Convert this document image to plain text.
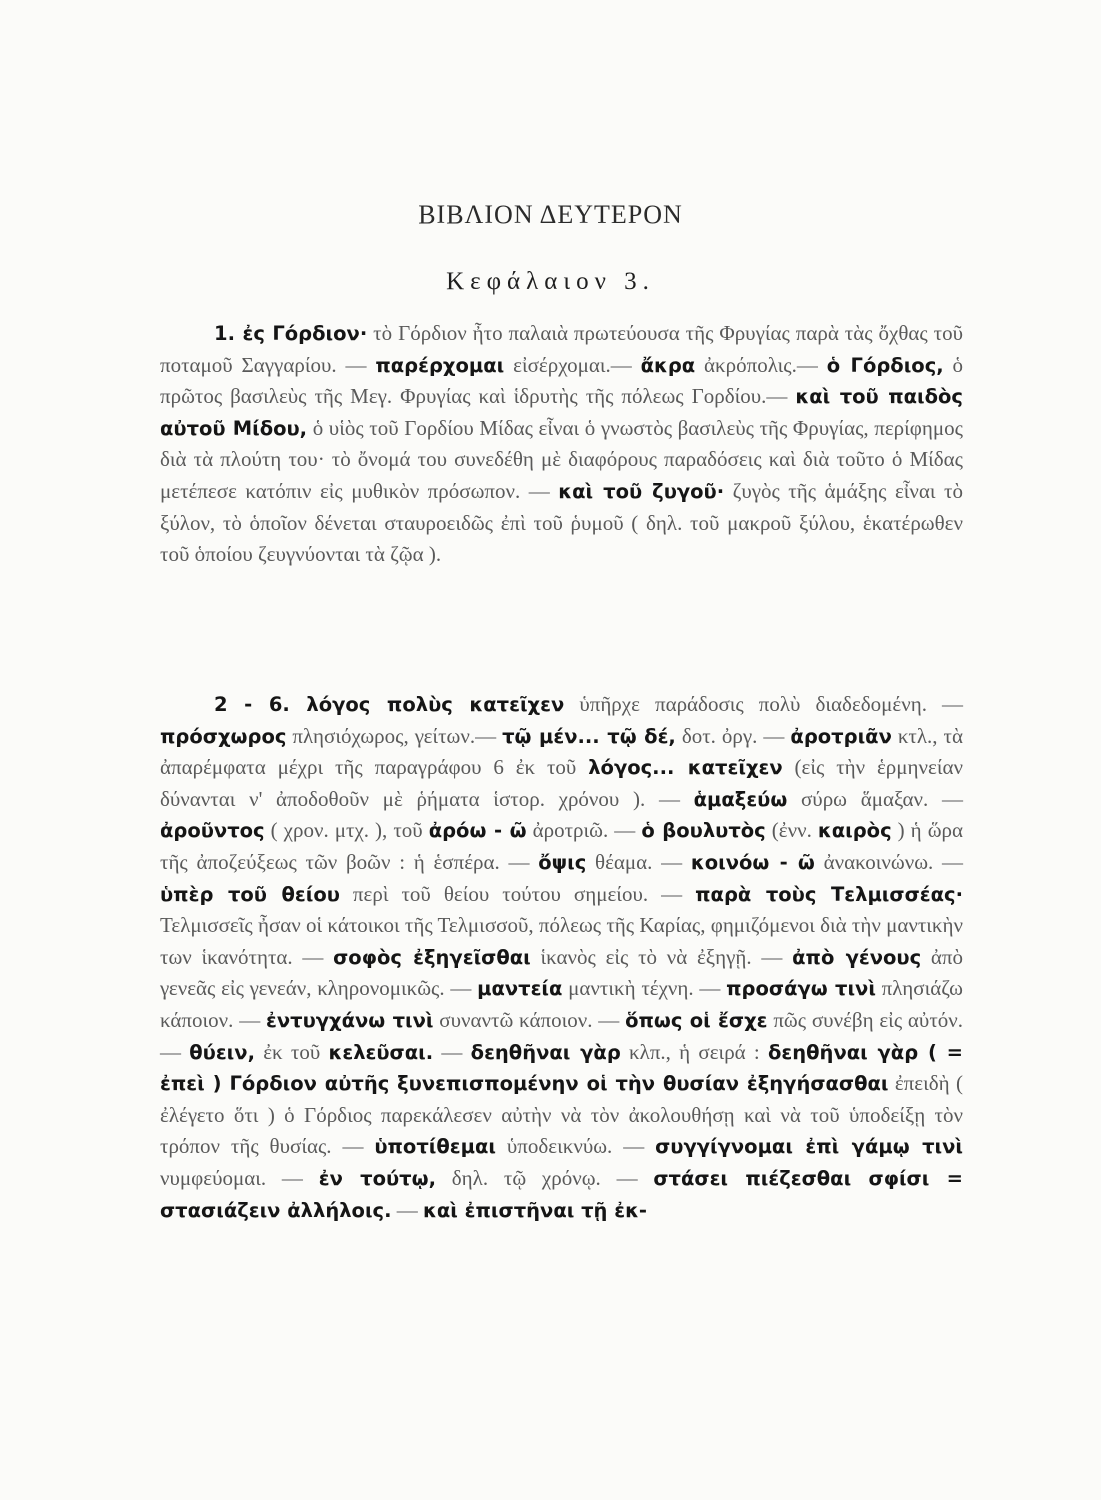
ΒΙΒΛΙΟΝ ΔΕΥΤΕΡΟΝ
Κεφάλαιον 3.

1. ἐς Γόρδιον· τὸ Γόρδιον ἦτο παλαιὰ πρωτεύουσα τῆς Φρυγίας παρὰ τὰς ὄχθας τοῦ ποταμοῦ Σαγγαρίου. — παρέρχομαι εἰσέρχομαι.— ἄκρα ἀκρόπολις.— ὁ Γόρδιος, ὁ πρῶτος βασιλεὺς τῆς Μεγ. Φρυγίας καὶ ἱδρυτὴς τῆς πόλεως Γορδίου.— καὶ τοῦ παιδὸς αὐτοῦ Μίδου, ὁ υἱὸς τοῦ Γορδίου Μίδας εἶναι ὁ γνωστὸς βασιλεὺς τῆς Φρυγίας, περίφημος διὰ τὰ πλούτη του· τὸ ὄνομά του συνεδέθη μὲ διαφόρους παραδόσεις καὶ διὰ τοῦτο ὁ Μίδας μετέπεσε κατόπιν εἰς μυθικὸν πρόσωπον. — καὶ τοῦ ζυγοῦ· ζυγὸς τῆς ἁμάξης εἶναι τὸ ξύλον, τὸ ὁποῖον δένεται σταυροειδῶς ἐπὶ τοῦ ῥυμοῦ ( δηλ. τοῦ μακροῦ ξύλου, ἑκατέρωθεν τοῦ ὁποίου ζευγνύονται τὰ ζῷα ).

2 - 6. λόγος πολὺς κατεῖχεν ὑπῆρχε παράδοσις πολὺ διαδεδομένη. — πρόσχωρος πλησιόχωρος, γείτων.— τῷ μέν... τῷ δέ, δοτ. ὀργ. — ἀροτριᾶν κτλ., τὰ ἀπαρέμφατα μέχρι τῆς παραγράφου 6 ἐκ τοῦ λόγος... κατεῖχεν (εἰς τὴν ἑρμηνείαν δύνανται ν' ἀποδοθοῦν μὲ ῥήματα ἱστορ. χρόνου ). — ἁμαξεύω σύρω ἅμαξαν. — ἀροῦντος ( χρον. μτχ. ), τοῦ ἀρόω - ῶ ἀροτριῶ. — ὁ βουλυτὸς (ἐνν. καιρὸς ) ἡ ὥρα τῆς ἀποζεύξεως τῶν βοῶν : ἡ ἑσπέρα. — ὄψις θέαμα. — κοινόω - ῶ ἀνακοινώνω. — ὑπὲρ τοῦ θείου περὶ τοῦ θείου τούτου σημείου. — παρὰ τοὺς Τελμισσέας· Τελμισσεῖς ἦσαν οἱ κάτοικοι τῆς Τελμισσοῦ, πόλεως τῆς Καρίας, φημιζόμενοι διὰ τὴν μαντικὴν των ἱκανότητα. — σοφὸς ἐξηγεῖσθαι ἱκανὸς εἰς τὸ νὰ ἐξηγῇ. — ἀπὸ γένους ἀπὸ γενεᾶς εἰς γενεάν, κληρονομικῶς. — μαντεία μαντικὴ τέχνη. — προσάγω τινὶ πλησιάζω κάποιον. — ἐντυγχάνω τινὶ συναντῶ κάποιον. — ὅπως οἱ ἔσχε πῶς συνέβη εἰς αὐτόν. — θύειν, ἐκ τοῦ κελεῦσαι. — δεηθῆναι γὰρ κλπ., ἡ σειρά : δεηθῆναι γὰρ ( = ἐπεὶ ) Γόρδιον αὐτῆς ξυνεπισπομένην οἱ τὴν θυσίαν ἐξηγήσασθαι ἐπειδὴ ( ἐλέγετο ὅτι ) ὁ Γόρδιος παρεκάλεσεν αὐτὴν νὰ τὸν ἀκολουθήσῃ καὶ νὰ τοῦ ὑποδείξῃ τὸν τρόπον τῆς θυσίας. — ὑποτίθεμαι ὑποδεικνύω. — συγγίγνομαι ἐπὶ γάμῳ τινὶ νυμφεύομαι. — ἐν τούτῳ, δηλ. τῷ χρόνῳ. — στάσει πιέζεσθαι σφίσι = στασιάζειν ἀλλήλοις. — καὶ ἐπιστῆναι τῇ ἐκ-
